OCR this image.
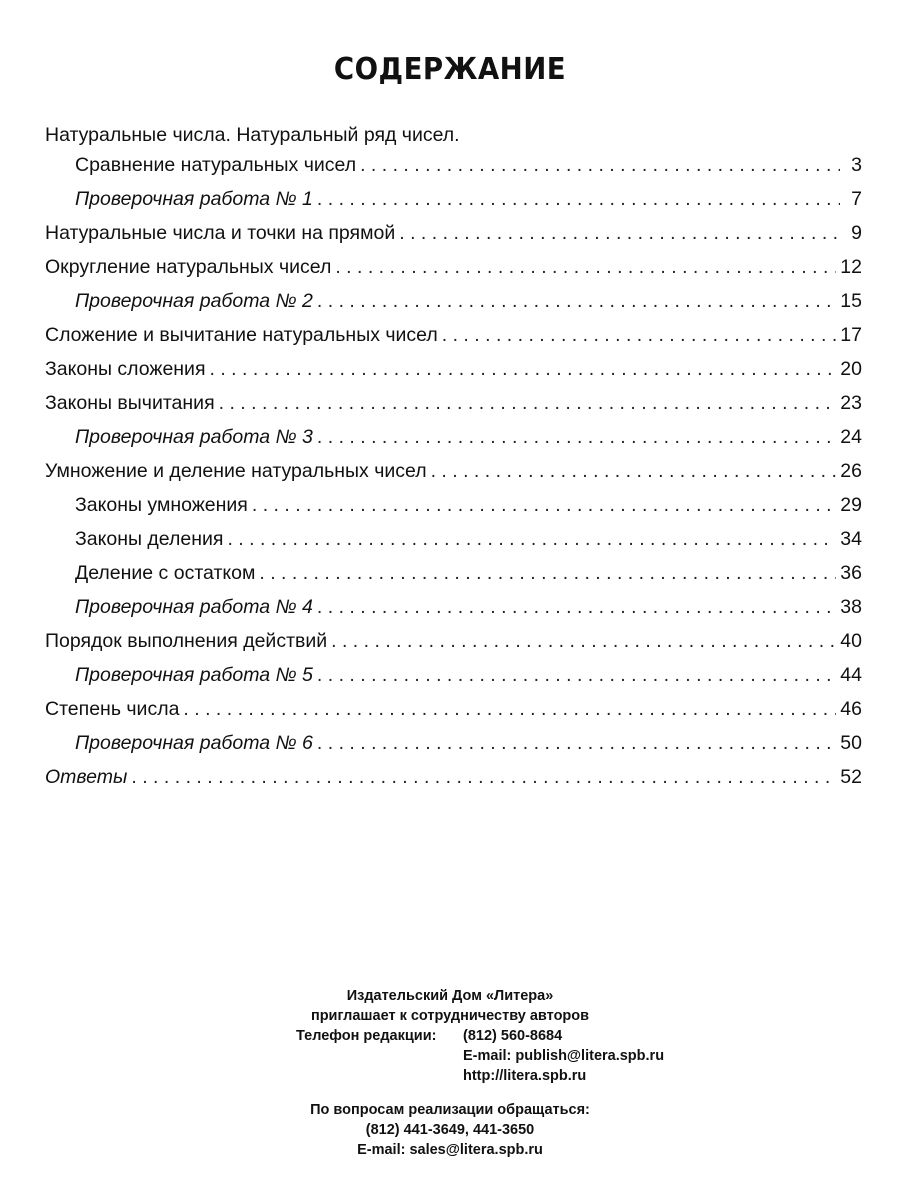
СОДЕРЖАНИЕ
Натуральные числа. Натуральный ряд чисел.
Сравнение натуральных чисел . . .	3
Проверочная работа № 1 . . .	7
Натуральные числа и точки на прямой . . .	9
Округление натуральных чисел . . .	12
Проверочная работа № 2 . . .	15
Сложение и вычитание натуральных чисел . . .	17
Законы сложения . . .	20
Законы вычитания . . .	23
Проверочная работа № 3 . . .	24
Умножение и деление натуральных чисел . . .	26
Законы умножения . . .	29
Законы деления . . .	34
Деление с остатком . . .	36
Проверочная работа № 4 . . .	38
Порядок выполнения действий . . .	40
Проверочная работа № 5 . . .	44
Степень числа . . .	46
Проверочная работа № 6 . . .	50
Ответы . . .	52
Издательский Дом «Литера»
приглашает к сотрудничеству авторов
Телефон редакции: (812) 560-8684
E-mail: publish@litera.spb.ru
http://litera.spb.ru
По вопросам реализации обращаться:
(812) 441-3649, 441-3650
E-mail: sales@litera.spb.ru
